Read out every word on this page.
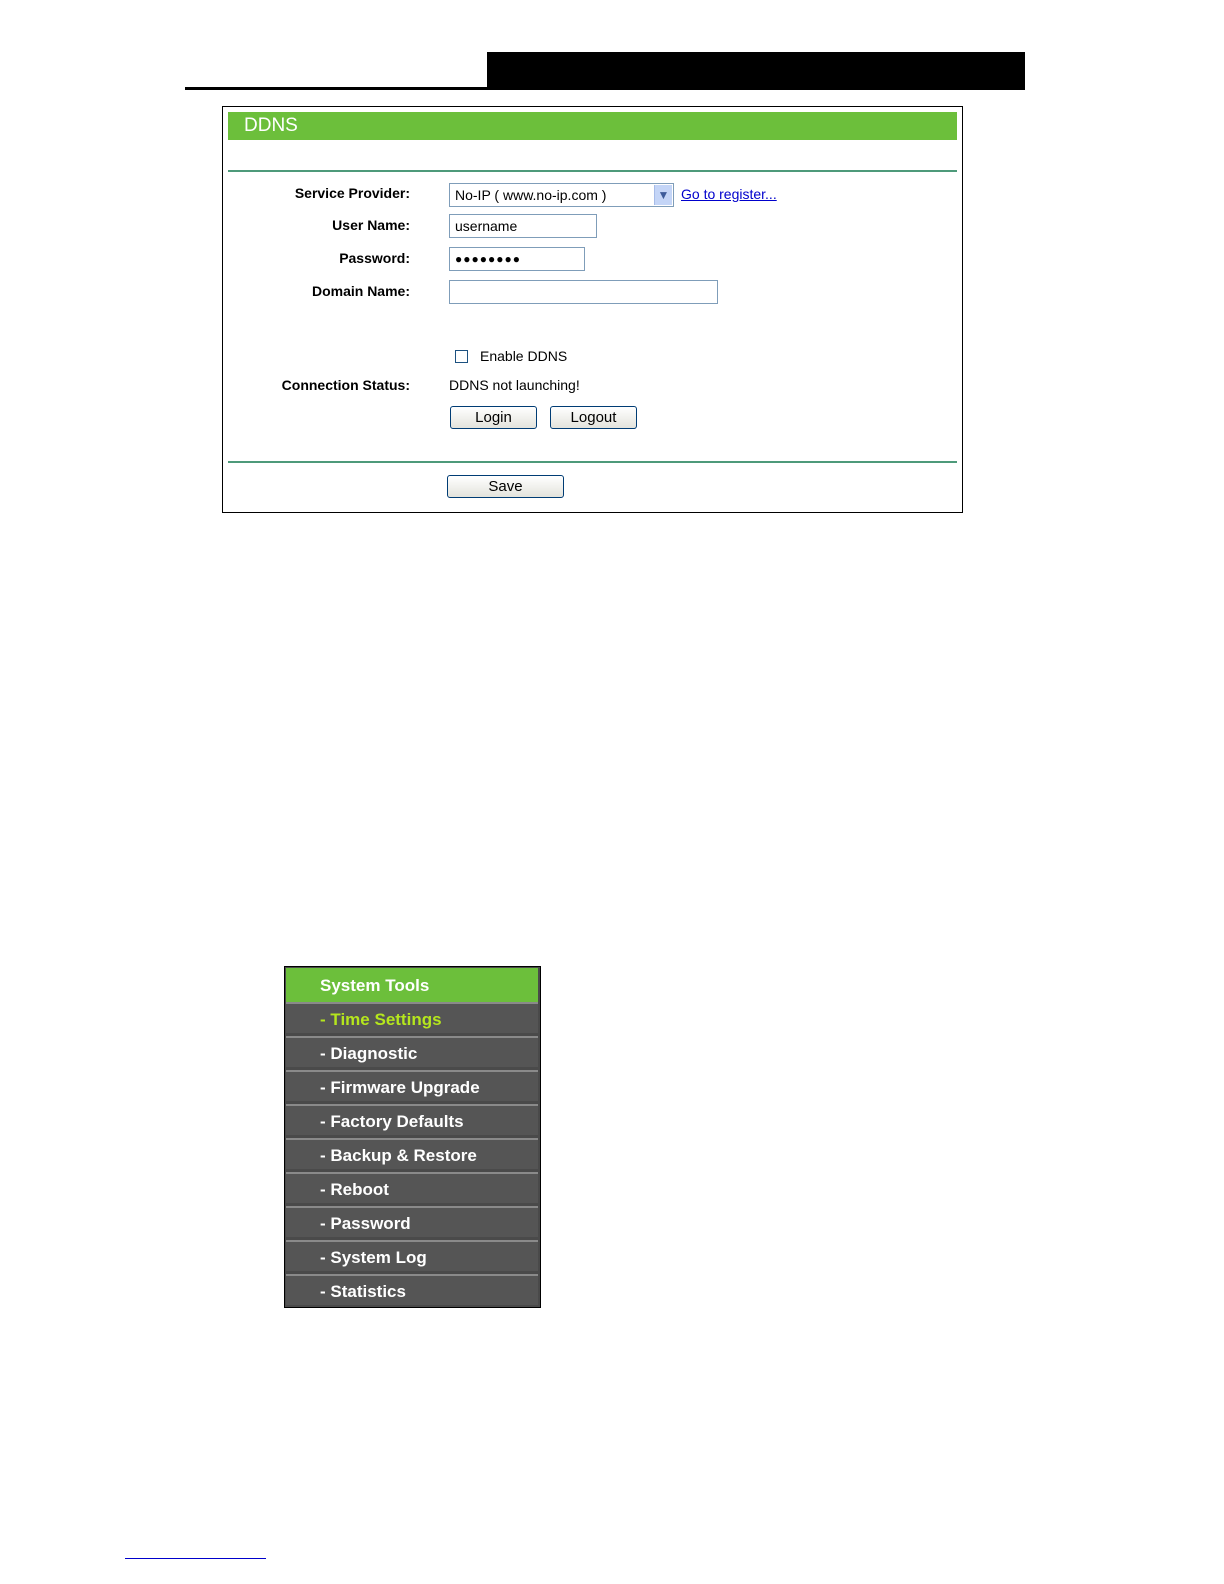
DDNS
Service Provider:	No-IP ( www.no-ip.com )	▼ Go to register...
User Name:	username
Password:	●●●●●●●●
Domain Name:
Enable DDNS
Connection Status:	DDNS not launching!
Login	Logout
Save
System Tools
- Time Settings
- Diagnostic
- Firmware Upgrade
- Factory Defaults
- Backup & Restore
- Reboot
- Password
- System Log
- Statistics
